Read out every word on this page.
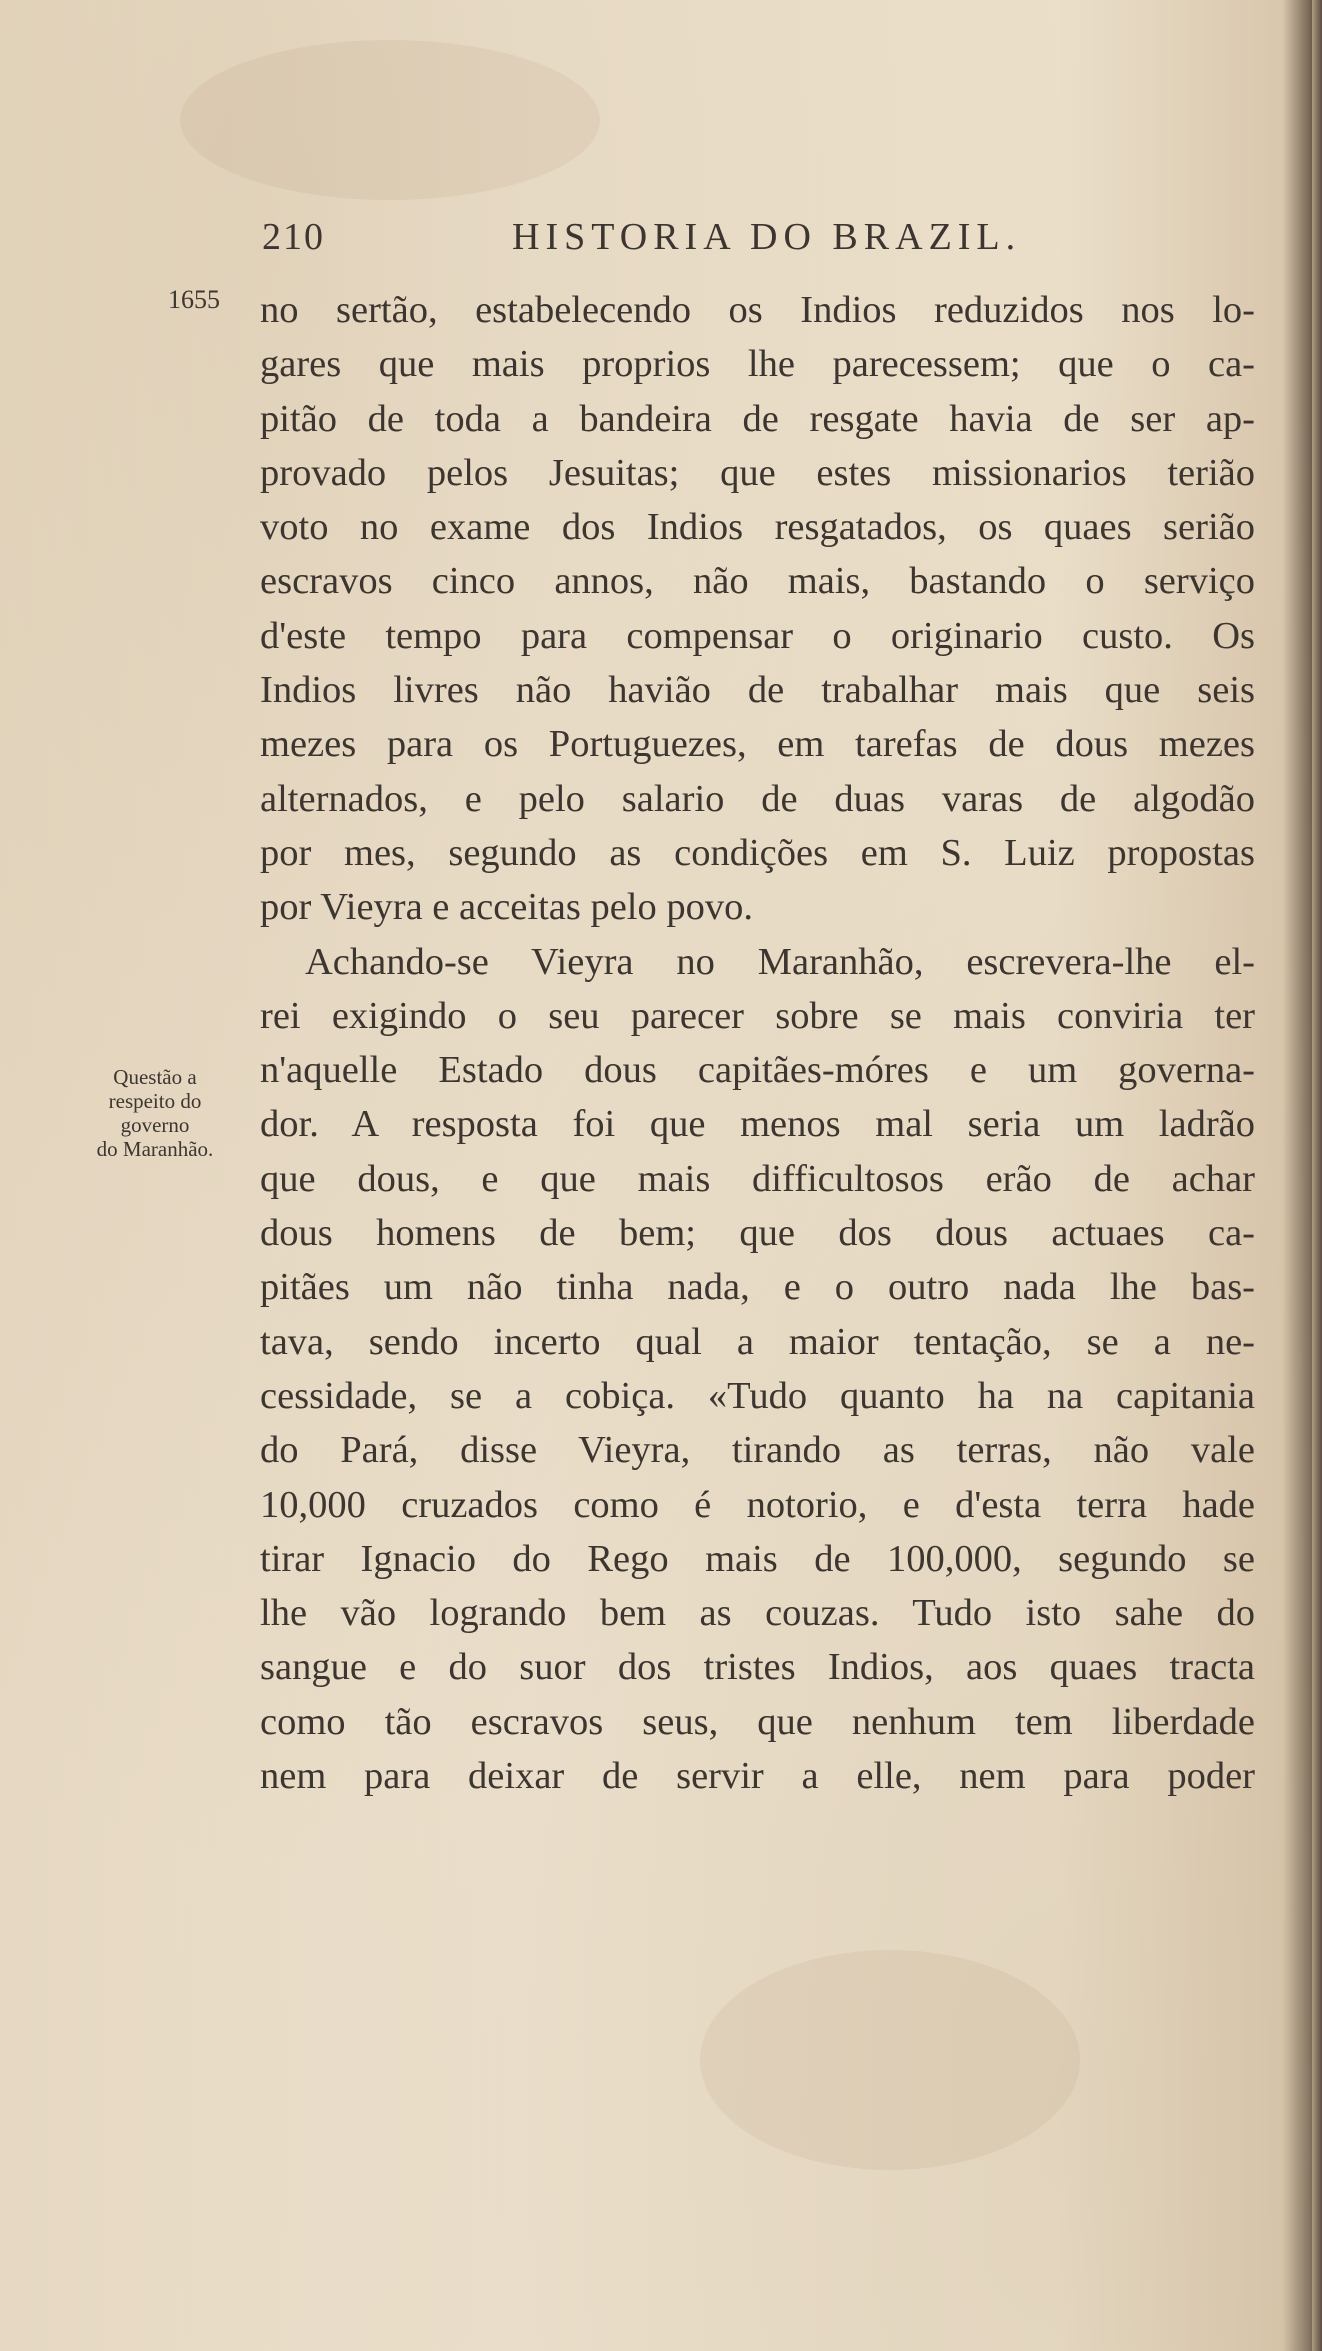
210	HISTORIA DO BRAZIL.
1655
Questão a
respeito do
governo
do Maranhão.
no sertão, estabelecendo os Indios reduzidos nos lo-
gares que mais proprios lhe parecessem; que o ca-
pitão de toda a bandeira de resgate havia de ser ap-
provado pelos Jesuitas; que estes missionarios terião
voto no exame dos Indios resgatados, os quaes serião
escravos cinco annos, não mais, bastando o serviço
d'este tempo para compensar o originario custo. Os
Indios livres não havião de trabalhar mais que seis
mezes para os Portuguezes, em tarefas de dous mezes
alternados, e pelo salario de duas varas de algodão
por mes, segundo as condições em S. Luiz propostas
por Vieyra e acceitas pelo povo.
Achando-se Vieyra no Maranhão, escrevera-lhe el-
rei exigindo o seu parecer sobre se mais conviria ter
n'aquelle Estado dous capitães-móres e um governa-
dor. A resposta foi que menos mal seria um ladrão
que dous, e que mais difficultosos erão de achar
dous homens de bem; que dos dous actuaes ca-
pitães um não tinha nada, e o outro nada lhe bas-
tava, sendo incerto qual a maior tentação, se a ne-
cessidade, se a cobiça. «Tudo quanto ha na capitania
do Pará, disse Vieyra, tirando as terras, não vale
10,000 cruzados como é notorio, e d'esta terra hade
tirar Ignacio do Rego mais de 100,000, segundo se
lhe vão logrando bem as couzas. Tudo isto sahe do
sangue e do suor dos tristes Indios, aos quaes tracta
como tão escravos seus, que nenhum tem liberdade
nem para deixar de servir a elle, nem para poder
